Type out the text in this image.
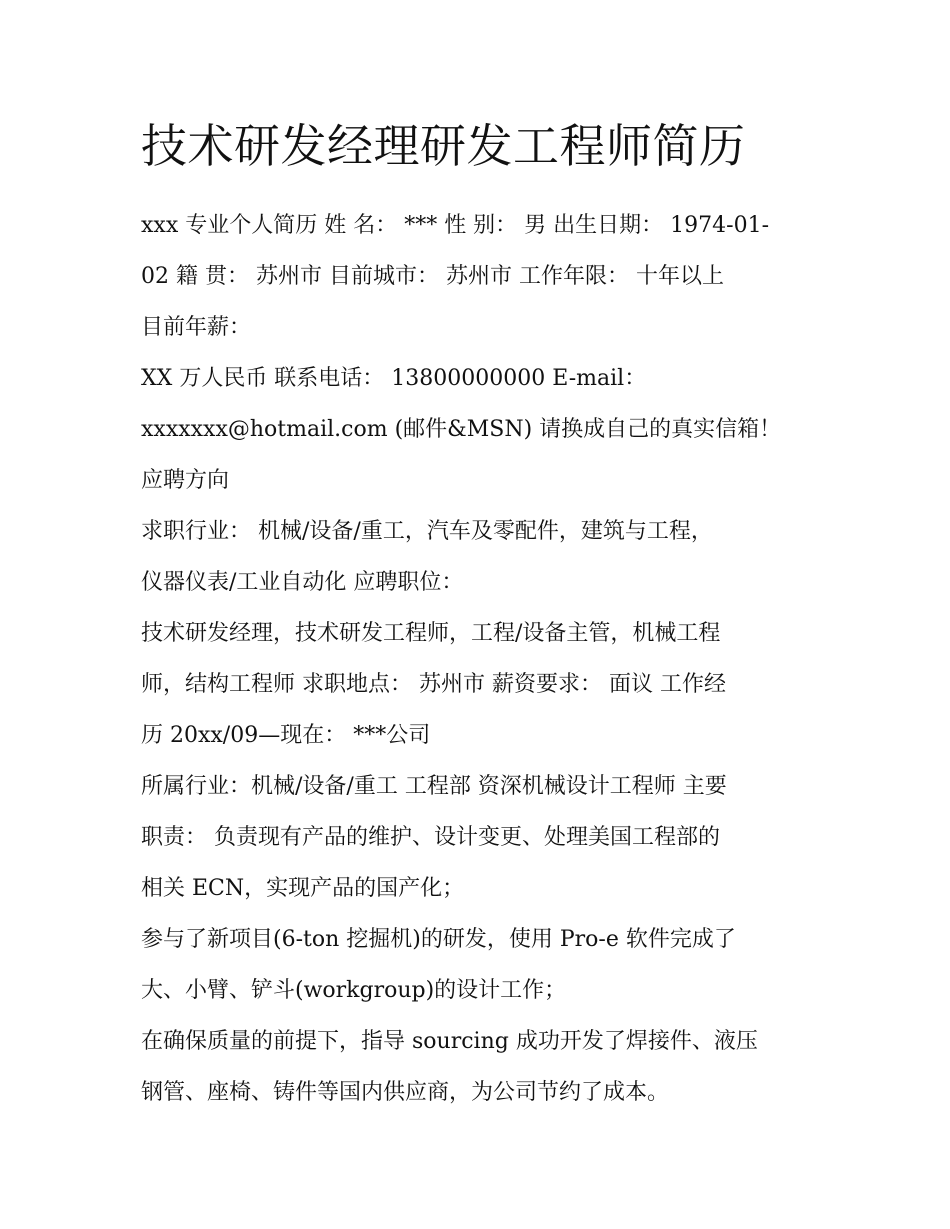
技术研发经理研发工程师简历

xxx 专业个人简历 姓 名： *** 性 别： 男 出生日期： 1974-01-

02 籍 贯： 苏州市 目前城市： 苏州市 工作年限： 十年以上

目前年薪：

XX 万人民币 联系电话： 13800000000 E-mail：

xxxxxxx@hotmail.com (邮件&MSN) 请换成自己的真实信箱！

应聘方向

求职行业： 机械/设备/重工，汽车及零配件，建筑与工程，

仪器仪表/工业自动化 应聘职位：

技术研发经理，技术研发工程师，工程/设备主管，机械工程

师，结构工程师 求职地点： 苏州市 薪资要求： 面议 工作经

历 20xx/09—现在： ***公司

所属行业：机械/设备/重工 工程部 资深机械设计工程师 主要

职责： 负责现有产品的维护、设计变更、处理美国工程部的

相关 ECN，实现产品的国产化；

参与了新项目(6-ton 挖掘机)的研发，使用 Pro-e 软件完成了

大、小臂、铲斗(workgroup)的设计工作；

在确保质量的前提下，指导 sourcing 成功开发了焊接件、液压

钢管、座椅、铸件等国内供应商，为公司节约了成本。
